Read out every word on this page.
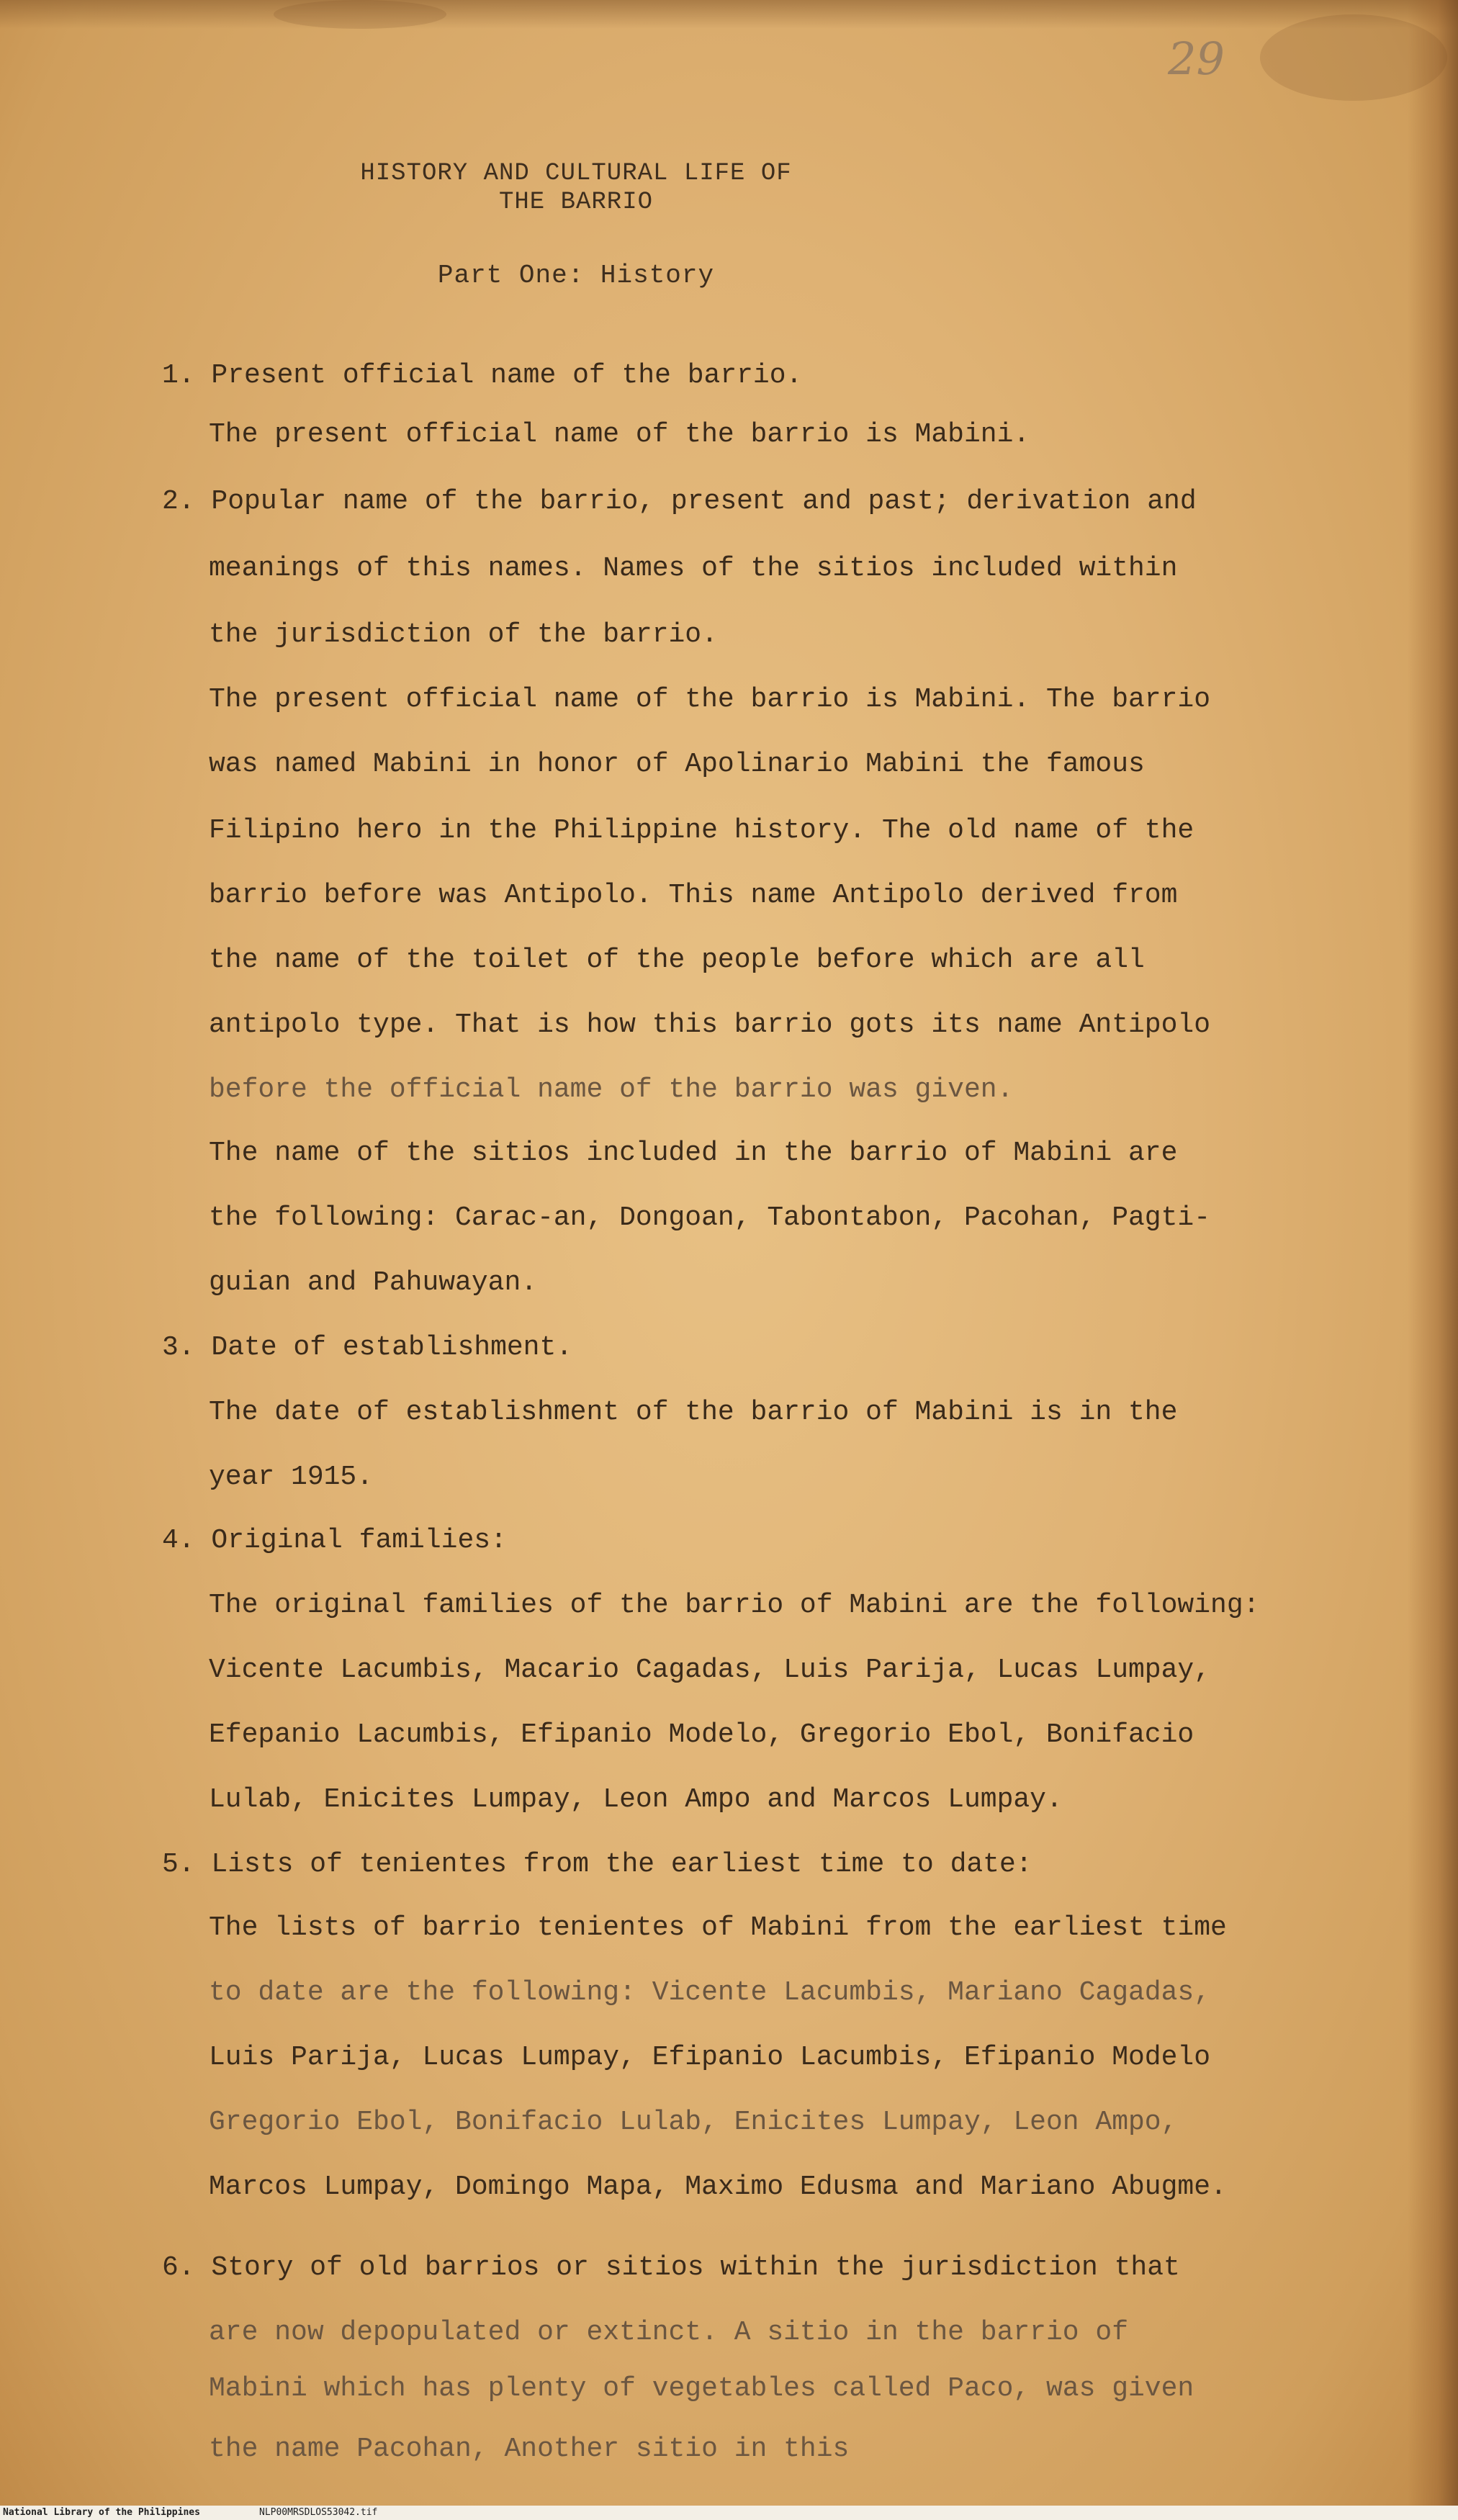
29
HISTORY AND CULTURAL LIFE OF
THE BARRIO
Part One: History
1. Present official name of the barrio.
The present official name of the barrio is Mabini.
2. Popular name of the barrio, present and past; derivation and
meanings of this names. Names of the sitios included within
the jurisdiction of the barrio.
The present official name of the barrio is Mabini. The barrio
was named Mabini in honor of Apolinario Mabini the famous
Filipino hero in the Philippine history. The old name of the
barrio before was Antipolo. This name Antipolo derived from
the name of the toilet of the people before which are all
antipolo type. That is how this barrio gots its name Antipolo
before the official name of the barrio was given.
The name of the sitios included in the barrio of Mabini are
the following: Carac-an, Dongoan, Tabontabon, Pacohan, Pagti-
guian and Pahuwayan.
3. Date of establishment.
The date of establishment of the barrio of Mabini is in the
year 1915.
4. Original families:
The original families of the barrio of Mabini are the following:
Vicente Lacumbis, Macario Cagadas, Luis Parija, Lucas Lumpay,
Efepanio Lacumbis, Efipanio Modelo, Gregorio Ebol, Bonifacio
Lulab, Enicites Lumpay, Leon Ampo and Marcos Lumpay.
5. Lists of tenientes from the earliest time to date:
The lists of barrio tenientes of Mabini from the earliest time
to date are the following: Vicente Lacumbis, Mariano Cagadas,
Luis Parija, Lucas Lumpay, Efipanio Lacumbis, Efipanio Modelo
Gregorio Ebol, Bonifacio Lulab, Enicites Lumpay, Leon Ampo,
Marcos Lumpay, Domingo Mapa, Maximo Edusma and Mariano Abugme.
6. Story of old barrios or sitios within the jurisdiction that
are now depopulated or extinct. A sitio in the barrio of
Mabini which has plenty of vegetables called Paco, was given
the name Pacohan, Another sitio in this
National Library of the Philippines	NLP00MRSDLOS53042.tif
